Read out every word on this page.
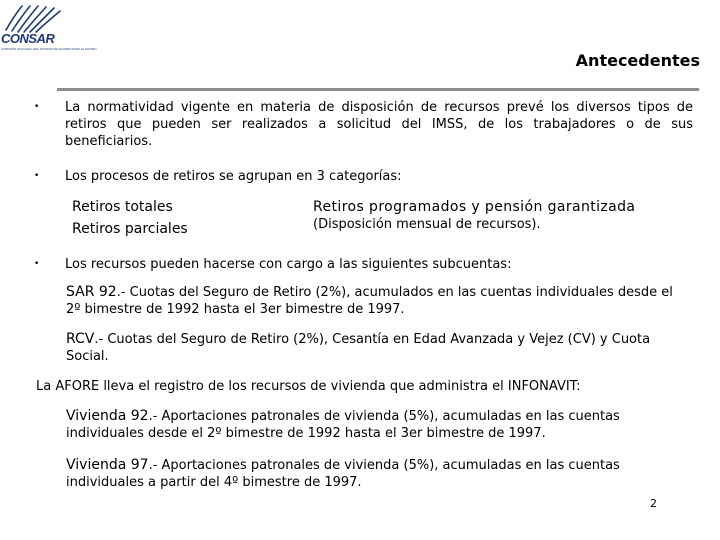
CONSAR
COMISIÓN NACIONAL DEL SISTEMA DE AHORRO PARA EL RETIRO
Antecedentes
• La normatividad vigente en materia de disposición de recursos prevé los diversos tipos de retiros que pueden ser realizados a solicitud del IMSS, de los trabajadores o de sus beneficiarios.
• Los procesos de retiros se agrupan en 3 categorías:
Retiros totales
Retiros parciales
Retiros programados y pensión garantizada
(Disposición mensual de recursos).
• Los recursos pueden hacerse con cargo a las siguientes subcuentas:
SAR 92.- Cuotas del Seguro de Retiro (2%), acumulados en las cuentas individuales desde el 2º bimestre de 1992 hasta el 3er bimestre de 1997.
RCV.- Cuotas del Seguro de Retiro (2%), Cesantía en Edad Avanzada y Vejez (CV) y Cuota Social.
La AFORE lleva el registro de los recursos de vivienda que administra el INFONAVIT:
Vivienda 92.- Aportaciones patronales de vivienda (5%), acumuladas en las cuentas individuales desde el 2º bimestre de 1992 hasta el 3er bimestre de 1997.
Vivienda 97.- Aportaciones patronales de vivienda (5%), acumuladas en las cuentas individuales a partir del 4º bimestre de 1997.
2
